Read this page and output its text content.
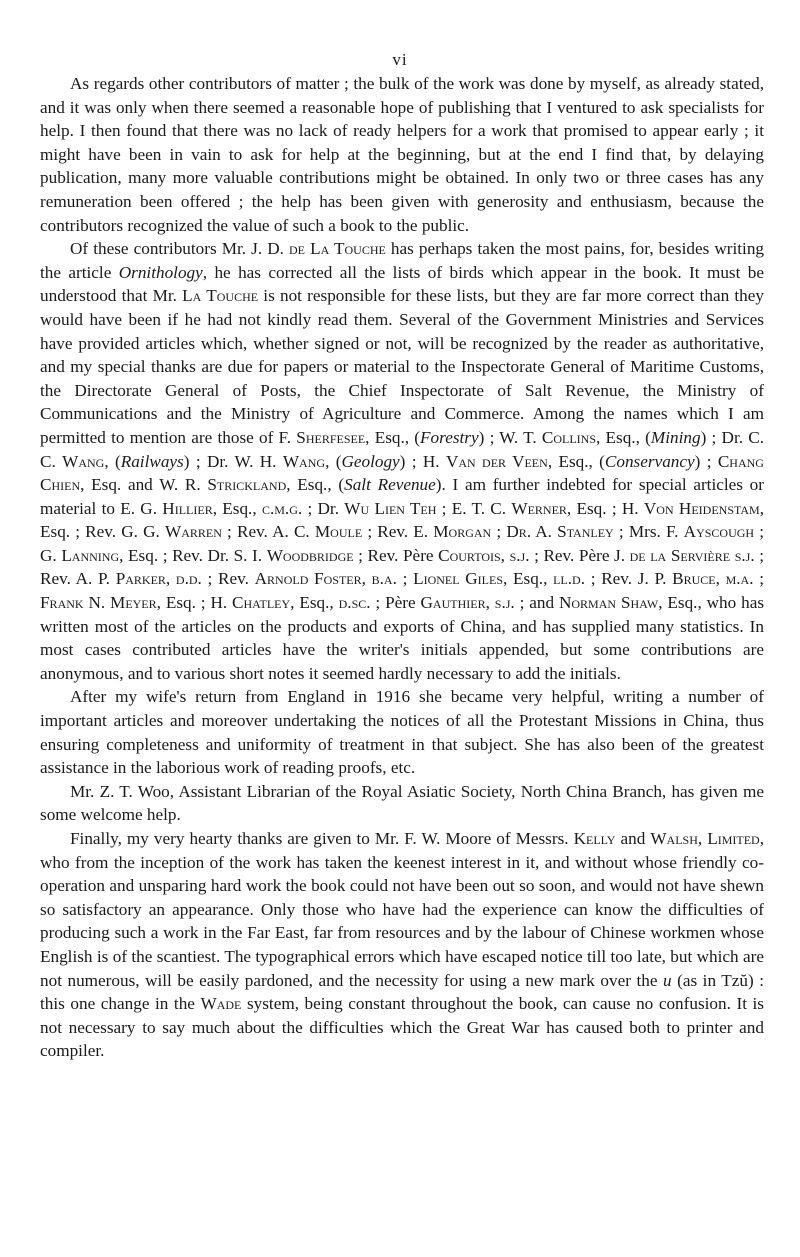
vi

As regards other contributors of matter ; the bulk of the work was done by myself, as already stated, and it was only when there seemed a reasonable hope of publishing that I ventured to ask specialists for help. I then found that there was no lack of ready helpers for a work that promised to appear early ; it might have been in vain to ask for help at the beginning, but at the end I find that, by delaying publication, many more valuable contributions might be obtained. In only two or three cases has any remuneration been offered ; the help has been given with generosity and enthusiasm, because the contributors recognized the value of such a book to the public.

Of these contributors Mr. J. D. de La Touche has perhaps taken the most pains, for, besides writing the article Ornithology, he has corrected all the lists of birds which appear in the book. It must be understood that Mr. La Touche is not responsible for these lists, but they are far more correct than they would have been if he had not kindly read them. Several of the Government Ministries and Services have provided articles which, whether signed or not, will be recognized by the reader as authoritative, and my special thanks are due for papers or material to the Inspectorate General of Maritime Customs, the Directorate General of Posts, the Chief Inspectorate of Salt Revenue, the Ministry of Communications and the Ministry of Agriculture and Commerce. Among the names which I am permitted to mention are those of F. Sherfesee, Esq., (Forestry) ; W. T. Collins, Esq., (Mining) ; Dr. C. C. Wang, (Railways) ; Dr. W. H. Wang, (Geology) ; H. Van der Veen, Esq., (Conservancy) ; Chang Chien, Esq. and W. R. Strickland, Esq., (Salt Revenue). I am further indebted for special articles or material to E. G. Hillier, Esq., c.m.g. ; Dr. Wu Lien Teh ; E. T. C. Werner, Esq. ; H. Von Heidenstam, Esq. ; Rev. G. G. Warren ; Rev. A. C. Moule ; Rev. E. Morgan ; Dr. A. Stanley ; Mrs. F. Ayscough ; G. Lanning, Esq. ; Rev. Dr. S. I. Woodbridge ; Rev. Père Courtois, s.j. ; Rev. Père J. de la Servière s.j. ; Rev. A. P. Parker, d.d. ; Rev. Arnold Foster, b.a. ; Lionel Giles, Esq., ll.d. ; Rev. J. P. Bruce, m.a. ; Frank N. Meyer, Esq. ; H. Chatley, Esq., d.sc. ; Père Gauthier, s.j. ; and Norman Shaw, Esq., who has written most of the articles on the products and exports of China, and has supplied many statistics. In most cases contributed articles have the writer's initials appended, but some contributions are anonymous, and to various short notes it seemed hardly necessary to add the initials.

After my wife's return from England in 1916 she became very helpful, writing a number of important articles and moreover undertaking the notices of all the Protestant Missions in China, thus ensuring completeness and uniformity of treatment in that subject. She has also been of the greatest assistance in the laborious work of reading proofs, etc.

Mr. Z. T. Woo, Assistant Librarian of the Royal Asiatic Society, North China Branch, has given me some welcome help.

Finally, my very hearty thanks are given to Mr. F. W. Moore of Messrs. Kelly and Walsh, Limited, who from the inception of the work has taken the keenest interest in it, and without whose friendly co-operation and unsparing hard work the book could not have been out so soon, and would not have shewn so satisfactory an appearance. Only those who have had the experience can know the difficulties of producing such a work in the Far East, far from resources and by the labour of Chinese workmen whose English is of the scantiest. The typographical errors which have escaped notice till too late, but which are not numerous, will be easily pardoned, and the necessity for using a new mark over the u (as in Tzŭ) : this one change in the Wade system, being constant throughout the book, can cause no confusion. It is not necessary to say much about the difficulties which the Great War has caused both to printer and compiler.
